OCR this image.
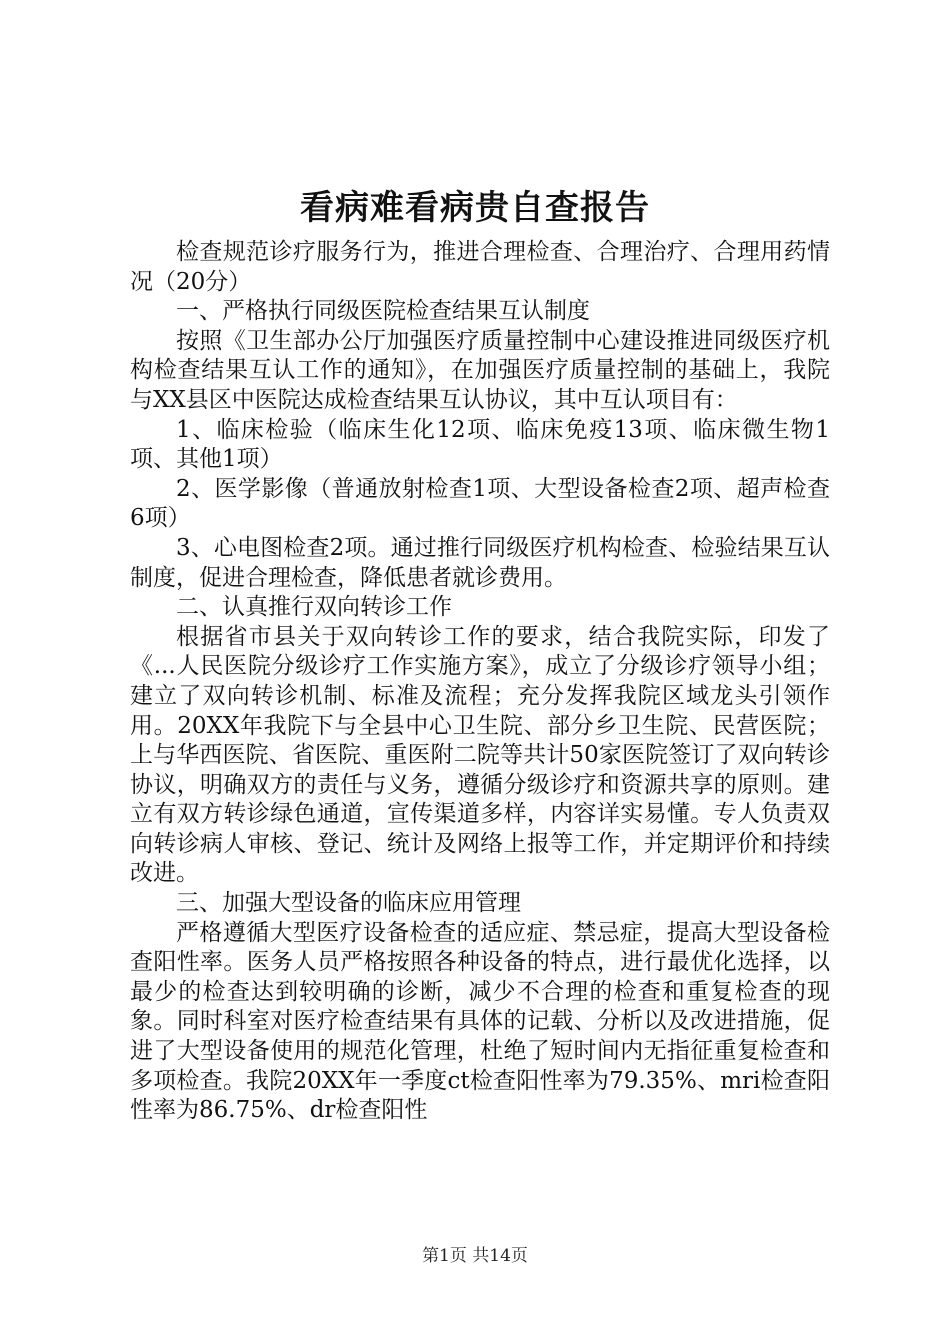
看病难看病贵自查报告

检查规范诊疗服务行为，推进合理检查、合理治疗、合理用药情况（20分）

一、严格执行同级医院检查结果互认制度

按照《卫生部办公厅加强医疗质量控制中心建设推进同级医疗机构检查结果互认工作的通知》，在加强医疗质量控制的基础上，我院与XX县区中医院达成检查结果互认协议，其中互认项目有：

1、临床检验（临床生化12项、临床免疫13项、临床微生物1项、其他1项）

2、医学影像（普通放射检查1项、大型设备检查2项、超声检查6项）

3、心电图检查2项。通过推行同级医疗机构检查、检验结果互认制度，促进合理检查，降低患者就诊费用。

二、认真推行双向转诊工作

根据省市县关于双向转诊工作的要求，结合我院实际，印发了《...人民医院分级诊疗工作实施方案》，成立了分级诊疗领导小组；建立了双向转诊机制、标准及流程；充分发挥我院区域龙头引领作用。20XX年我院下与全县中心卫生院、部分乡卫生院、民营医院；上与华西医院、省医院、重医附二院等共计50家医院签订了双向转诊协议，明确双方的责任与义务，遵循分级诊疗和资源共享的原则。建立有双方转诊绿色通道，宣传渠道多样，内容详实易懂。专人负责双向转诊病人审核、登记、统计及网络上报等工作，并定期评价和持续改进。

三、加强大型设备的临床应用管理

严格遵循大型医疗设备检查的适应症、禁忌症，提高大型设备检查阳性率。医务人员严格按照各种设备的特点，进行最优化选择，以最少的检查达到较明确的诊断，减少不合理的检查和重复检查的现象。同时科室对医疗检查结果有具体的记载、分析以及改进措施，促进了大型设备使用的规范化管理，杜绝了短时间内无指征重复检查和多项检查。我院20XX年一季度ct检查阳性率为79.35%、mri检查阳性率为86.75%、dr检查阳性

第1页 共14页
